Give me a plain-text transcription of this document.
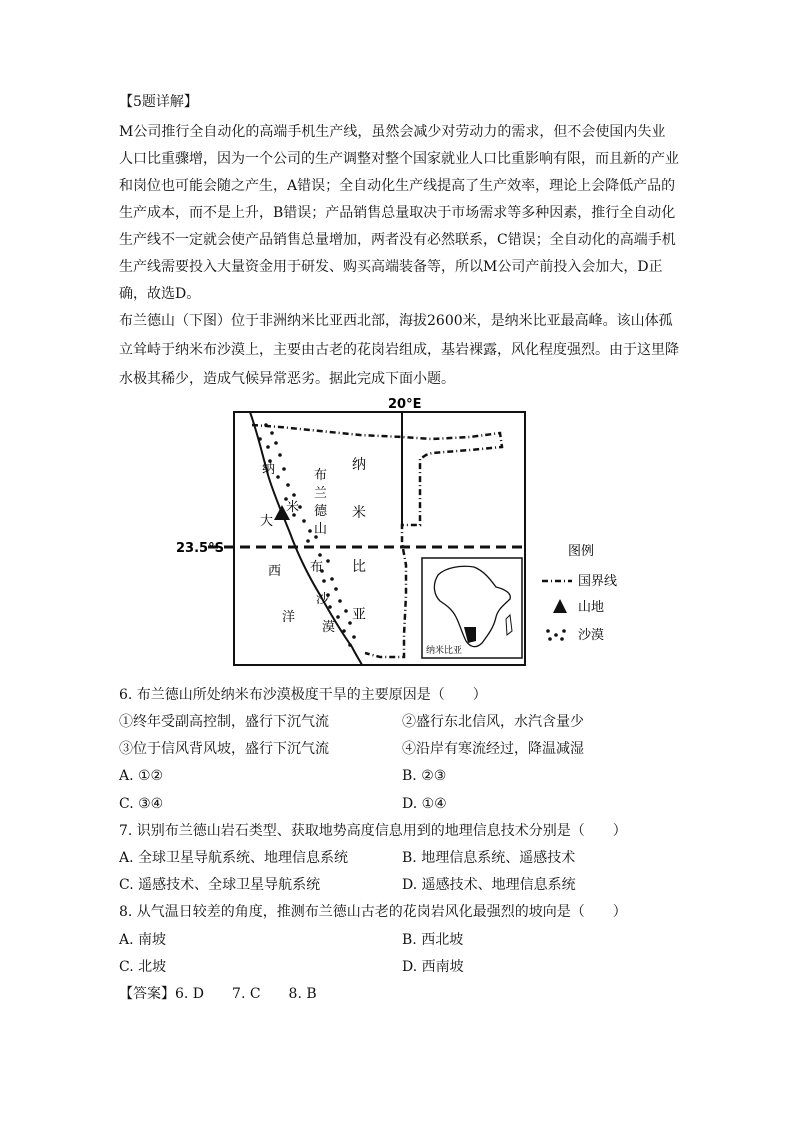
【5题详解】
M公司推行全自动化的高端手机生产线，虽然会减少对劳动力的需求，但不会使国内失业
人口比重骤增，因为一个公司的生产调整对整个国家就业人口比重影响有限，而且新的产业
和岗位也可能会随之产生，A错误；全自动化生产线提高了生产效率，理论上会降低产品的
生产成本，而不是上升，B错误；产品销售总量取决于市场需求等多种因素，推行全自动化
生产线不一定就会使产品销售总量增加，两者没有必然联系，C错误；全自动化的高端手机
生产线需要投入大量资金用于研发、购买高端装备等，所以M公司产前投入会加大，D正
确，故选D。
布兰德山（下图）位于非洲纳米比亚西北部，海拔2600米，是纳米比亚最高峰。该山体孤
立耸峙于纳米布沙漠上，主要由古老的花岗岩组成，基岩裸露，风化程度强烈。由于这里降
水极其稀少，造成气候异常恶劣。据此完成下面小题。
20°E
23.5°S
大
西
洋
纳
米
布
沙
漠
布
兰
德
山
纳
米
比
亚
纳米比亚
图例
国界线
山地
沙漠
6. 布兰德山所处纳米布沙漠极度干旱的主要原因是（　　）
①终年受副高控制，盛行下沉气流	②盛行东北信风，水汽含量少
③位于信风背风坡，盛行下沉气流	④沿岸有寒流经过，降温减湿
A. ①②	B. ②③
C. ③④	D. ①④
7. 识别布兰德山岩石类型、获取地势高度信息用到的地理信息技术分别是（　　）
A. 全球卫星导航系统、地理信息系统	B. 地理信息系统、遥感技术
C. 遥感技术、全球卫星导航系统	D. 遥感技术、地理信息系统
8. 从气温日较差的角度，推测布兰德山古老的花岗岩风化最强烈的坡向是（　　）
A. 南坡	B. 西北坡
C. 北坡	D. 西南坡
【答案】6. D　　7. C　　8. B
